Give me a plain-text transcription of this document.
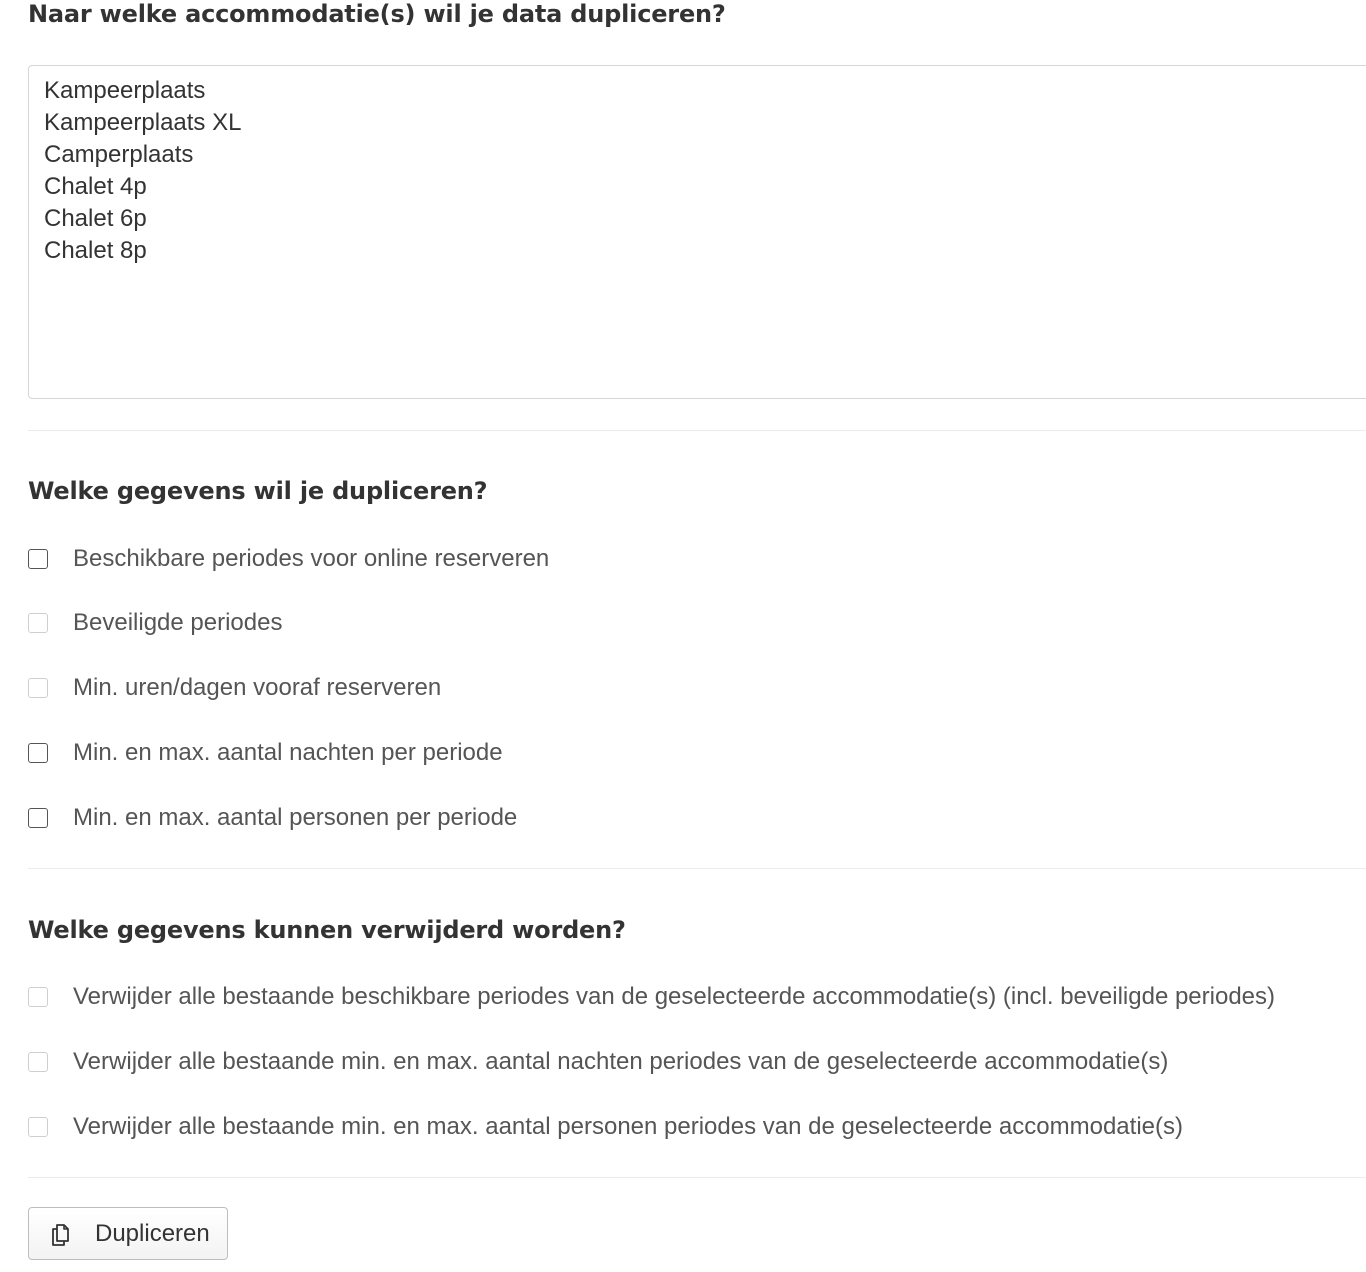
Naar welke accommodatie(s) wil je data dupliceren?
Kampeerplaats
Kampeerplaats XL
Camperplaats
Chalet 4p
Chalet 6p
Chalet 8p
Welke gegevens wil je dupliceren?
Beschikbare periodes voor online reserveren
Beveiligde periodes
Min. uren/dagen vooraf reserveren
Min. en max. aantal nachten per periode
Min. en max. aantal personen per periode
Welke gegevens kunnen verwijderd worden?
Verwijder alle bestaande beschikbare periodes van de geselecteerde accommodatie(s) (incl. beveiligde periodes)
Verwijder alle bestaande min. en max. aantal nachten periodes van de geselecteerde accommodatie(s)
Verwijder alle bestaande min. en max. aantal personen periodes van de geselecteerde accommodatie(s)
Dupliceren
